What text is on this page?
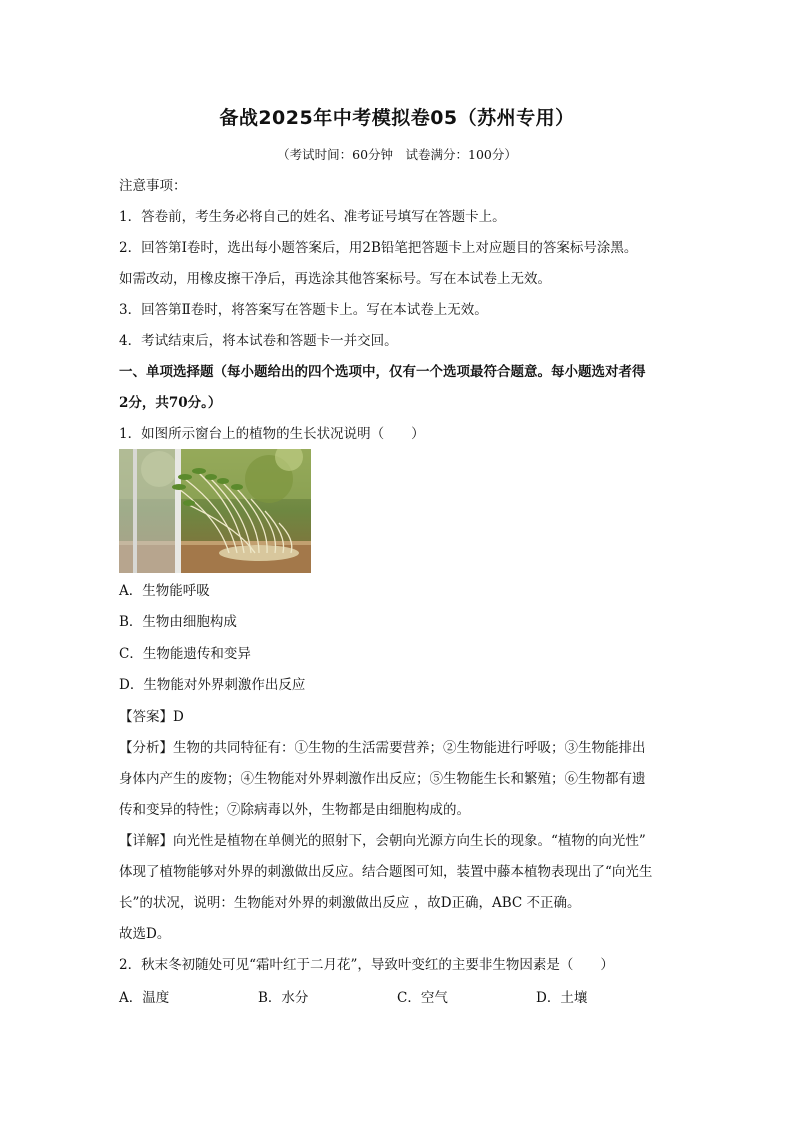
备战2025年中考模拟卷05（苏州专用）
（考试时间：60分钟　试卷满分：100分）
注意事项：
1．答卷前，考生务必将自己的姓名、准考证号填写在答题卡上。
2．回答第Ⅰ卷时，选出每小题答案后，用2B铅笔把答题卡上对应题目的答案标号涂黑。
如需改动，用橡皮擦干净后，再选涂其他答案标号。写在本试卷上无效。
3．回答第Ⅱ卷时，将答案写在答题卡上。写在本试卷上无效。
4．考试结束后，将本试卷和答题卡一并交回。
一、单项选择题（每小题给出的四个选项中，仅有一个选项最符合题意。每小题选对者得
2分，共70分。）
1．如图所示窗台上的植物的生长状况说明（　　）
A．生物能呼吸
B．生物由细胞构成
C．生物能遗传和变异
D．生物能对外界刺激作出反应
【答案】D
【分析】生物的共同特征有：①生物的生活需要营养；②生物能进行呼吸；③生物能排出
身体内产生的废物；④生物能对外界刺激作出反应；⑤生物能生长和繁殖；⑥生物都有遗
传和变异的特性；⑦除病毒以外，生物都是由细胞构成的。
【详解】向光性是植物在单侧光的照射下，会朝向光源方向生长的现象。“植物的向光性”
体现了植物能够对外界的刺激做出反应。结合题图可知，装置中藤本植物表现出了“向光生
长”的状况，说明：生物能对外界的刺激做出反应 ，故D正确，ABC 不正确。
故选D。
2．秋末冬初随处可见“霜叶红于二月花”，导致叶变红的主要非生物因素是（　　）
A．温度	B．水分	C．空气	D．土壤
